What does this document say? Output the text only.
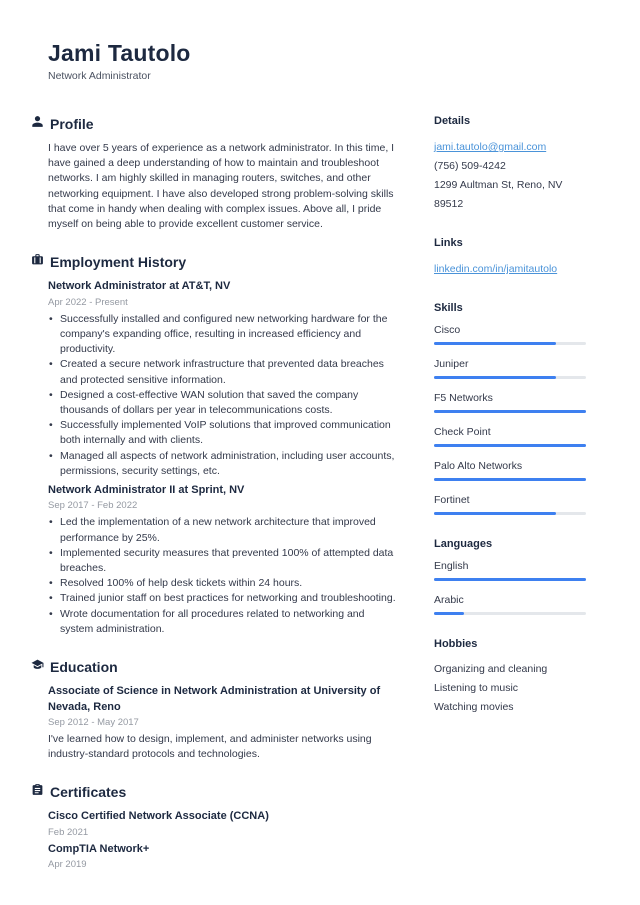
Jami Tautolo
Network Administrator
Profile
I have over 5 years of experience as a network administrator. In this time, I have gained a deep understanding of how to maintain and troubleshoot networks. I am highly skilled in managing routers, switches, and other networking equipment. I have also developed strong problem-solving skills that come in handy when dealing with complex issues. Above all, I pride myself on being able to provide excellent customer service.
Employment History
Network Administrator at AT&T, NV
Apr 2022 - Present
• Successfully installed and configured new networking hardware for the company's expanding office, resulting in increased efficiency and productivity.
• Created a secure network infrastructure that prevented data breaches and protected sensitive information.
• Designed a cost-effective WAN solution that saved the company thousands of dollars per year in telecommunications costs.
• Successfully implemented VoIP solutions that improved communication both internally and with clients.
• Managed all aspects of network administration, including user accounts, permissions, security settings, etc.
Network Administrator II at Sprint, NV
Sep 2017 - Feb 2022
• Led the implementation of a new network architecture that improved performance by 25%.
• Implemented security measures that prevented 100% of attempted data breaches.
• Resolved 100% of help desk tickets within 24 hours.
• Trained junior staff on best practices for networking and troubleshooting.
• Wrote documentation for all procedures related to networking and system administration.
Education
Associate of Science in Network Administration at University of Nevada, Reno
Sep 2012 - May 2017
I've learned how to design, implement, and administer networks using industry-standard protocols and technologies.
Certificates
Cisco Certified Network Associate (CCNA)
Feb 2021
CompTIA Network+
Apr 2019
Details
jami.tautolo@gmail.com
(756) 509-4242
1299 Aultman St, Reno, NV 89512
Links
linkedin.com/in/jamitautolo
Skills
Cisco
Juniper
F5 Networks
Check Point
Palo Alto Networks
Fortinet
Languages
English
Arabic
Hobbies
Organizing and cleaning
Listening to music
Watching movies
